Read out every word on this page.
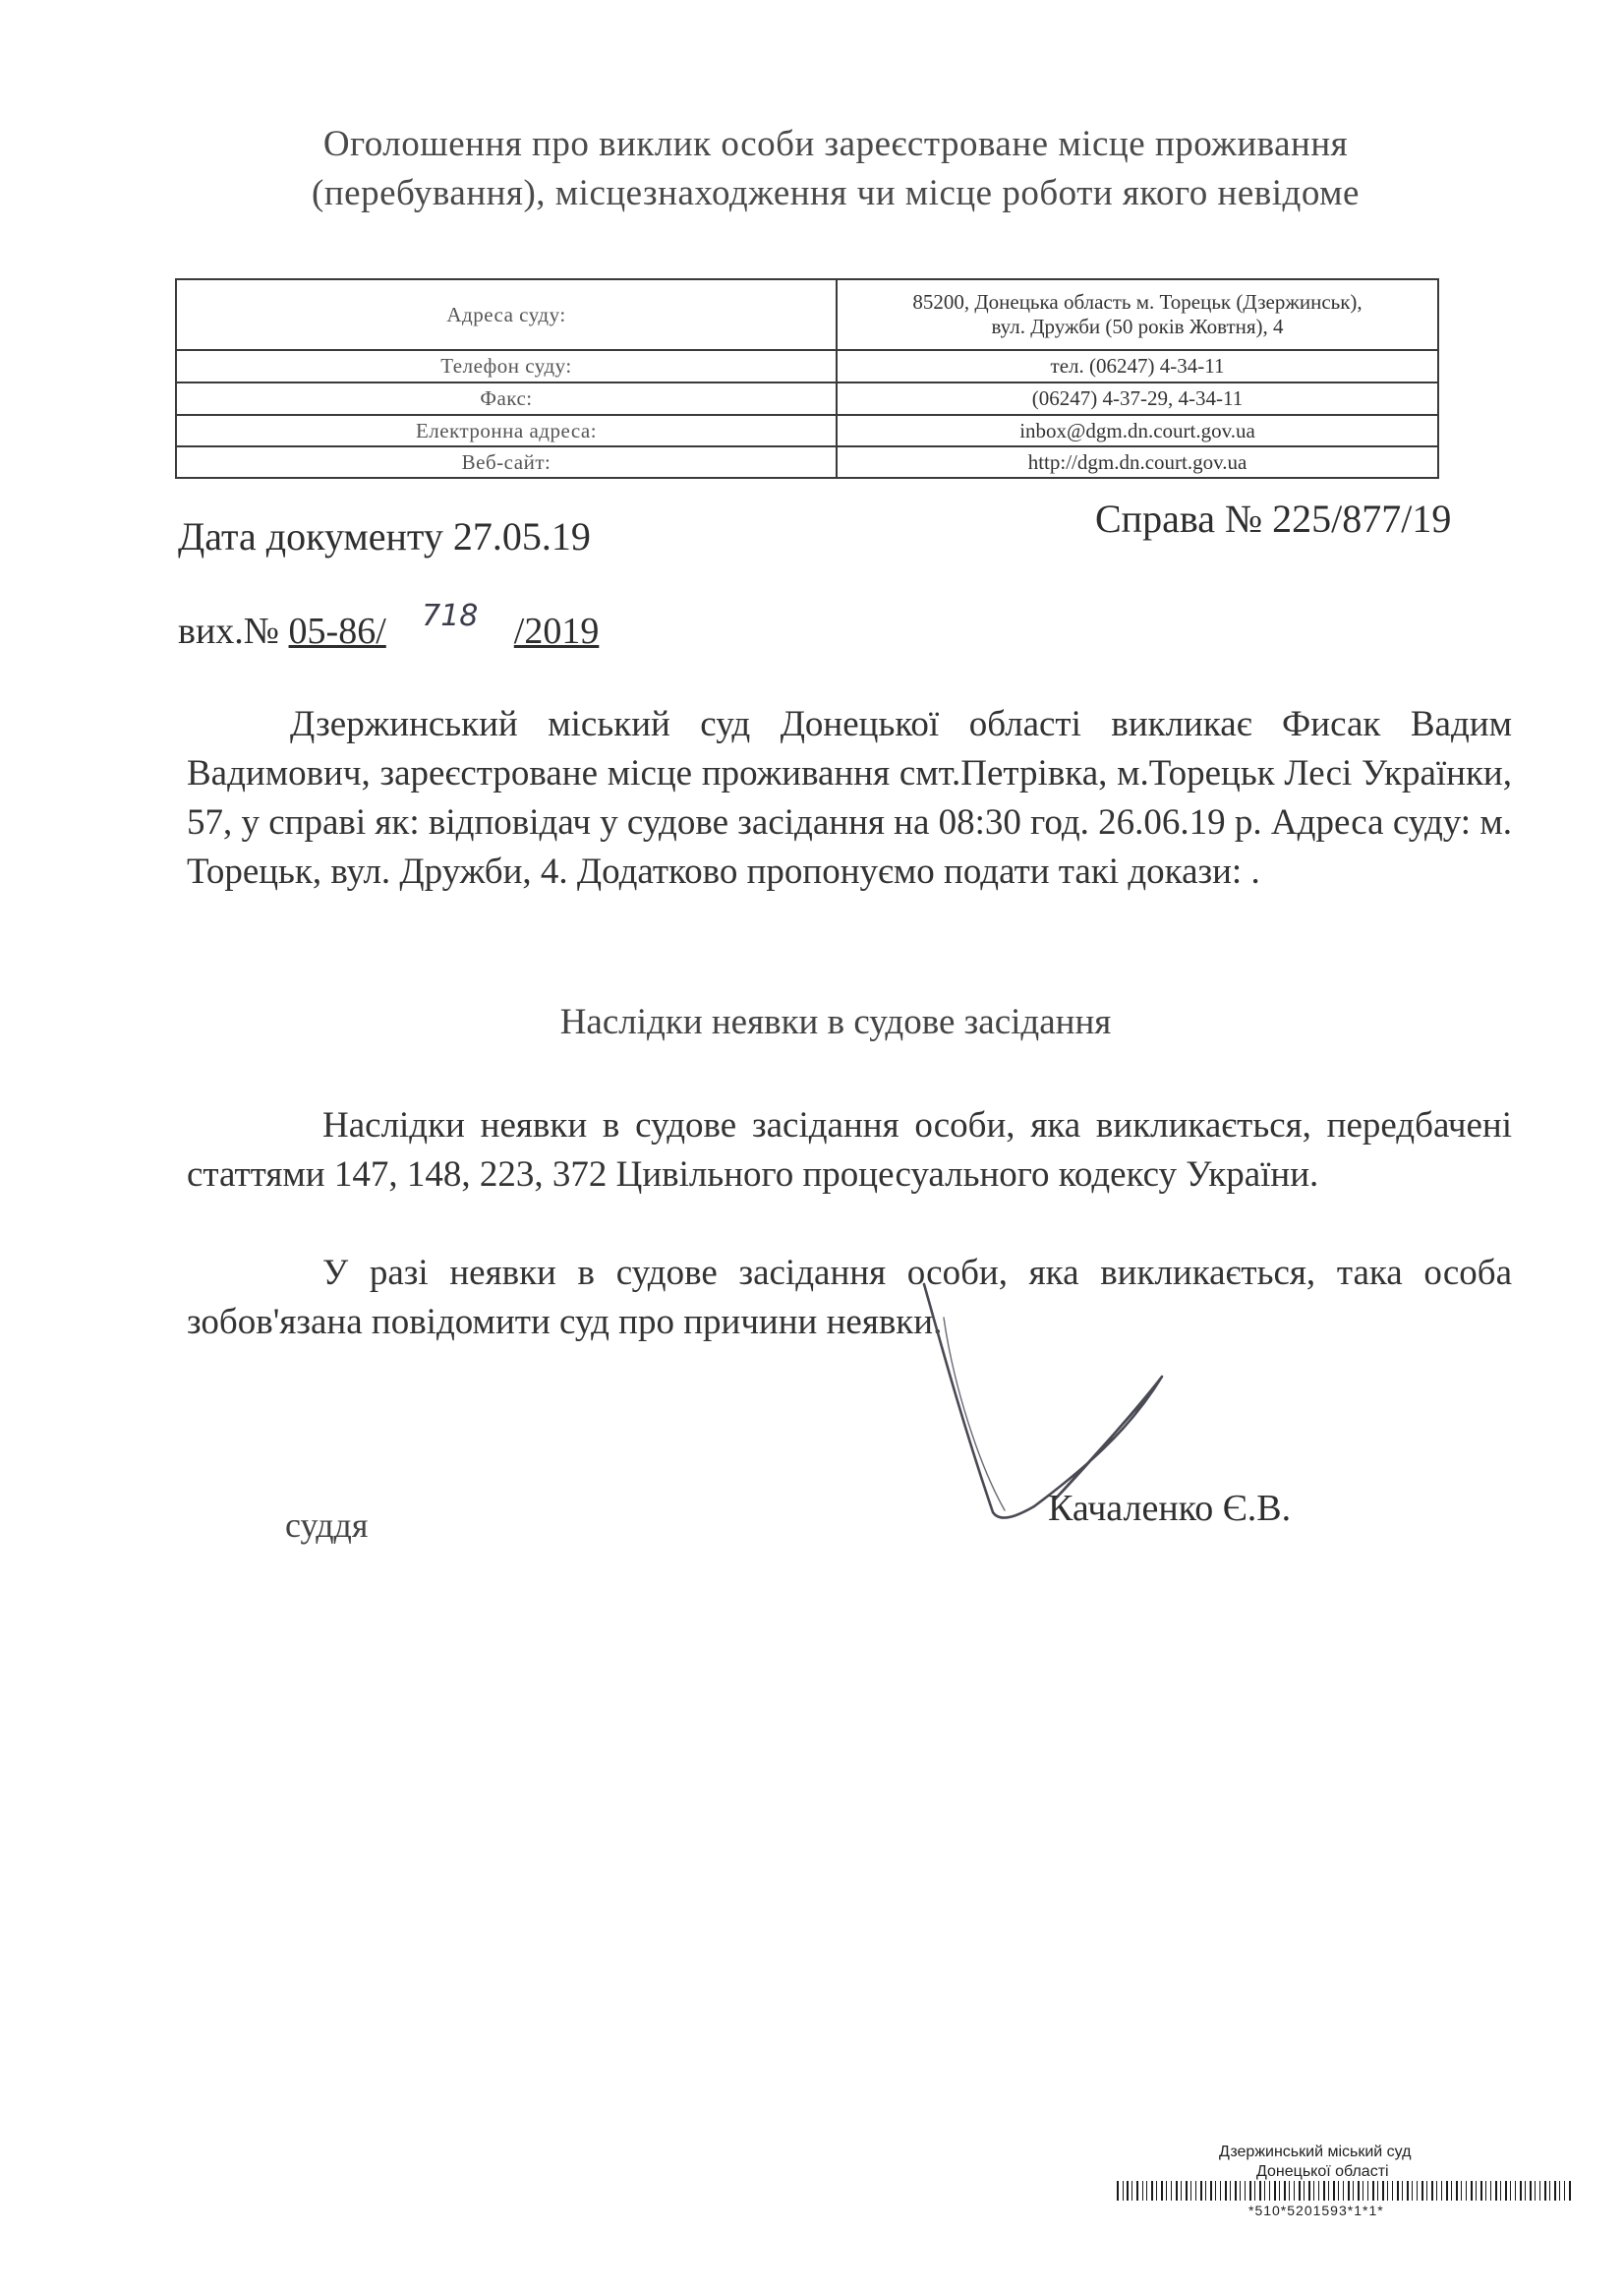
Оголошення про виклик особи зареєстроване місце проживання
(перебування), місцезнаходження чи місце роботи якого невідоме
Адреса суду:	85200, Донецька область м. Торецьк (Дзержинськ),
вул. Дружби (50 років Жовтня), 4

Телефон суду:	тел. (06247) 4-34-11
Факс:	(06247) 4-37-29, 4-34-11
Електронна адреса:	inbox@dgm.dn.court.gov.ua
Веб-сайт:	http://dgm.dn.court.gov.ua
Дата документу 27.05.19	Справа № 225/877/19
вих.№ 05-86/ 718 /2019
Дзержинський міський суд Донецької області викликає Фисак Вадим Вадимович, зареєстроване місце проживання смт.Петрівка, м.Торецьк Лесі Українки, 57, у справі як: відповідач у судове засідання на 08:30 год. 26.06.19 р. Адреса суду: м. Торецьк, вул. Дружби, 4. Додатково пропонуємо подати такі докази: .
Наслідки неявки в судове засідання
Наслідки неявки в судове засідання особи, яка викликається, передбачені статтями 147, 148, 223, 372 Цивільного процесуального кодексу України.
У разі неявки в судове засідання особи, яка викликається, така особа зобов'язана повідомити суд про причини неявки.
суддя	Качаленко Є.В.
Дзержинський міський суд
Донецької області
*510*5201593*1*1*
